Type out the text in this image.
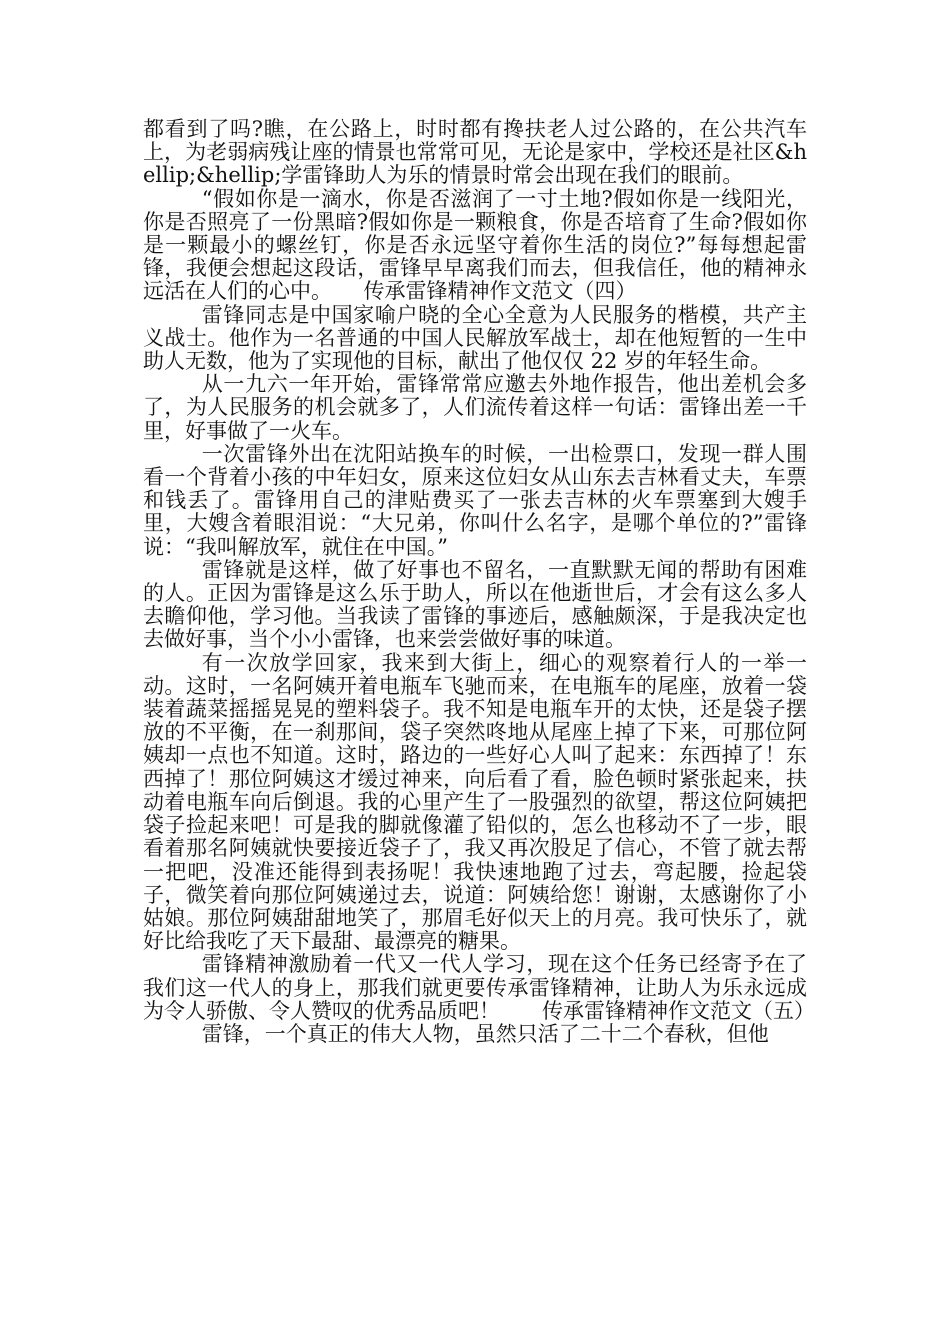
都看到了吗?瞧，在公路上，时时都有搀扶老人过公路的，在公共汽车上，为老弱病残让座的情景也常常可见，无论是家中，学校还是社区&hellip;&hellip;学雷锋助人为乐的情景时常会出现在我们的眼前。

“假如你是一滴水，你是否滋润了一寸土地?假如你是一线阳光，你是否照亮了一份黑暗?假如你是一颗粮食，你是否培育了生命?假如你是一颗最小的螺丝钉，你是否永远坚守着你生活的岗位?”每每想起雷锋，我便会想起这段话，雷锋早早离我们而去，但我信任，他的精神永远活在人们的心中。　　传承雷锋精神作文范文（四）

雷锋同志是中国家喻户晓的全心全意为人民服务的楷模，共产主义战士。他作为一名普通的中国人民解放军战士，却在他短暂的一生中助人无数，他为了实现他的目标，献出了他仅仅 22 岁的年轻生命。

从一九六一年开始，雷锋常常应邀去外地作报告，他出差机会多了，为人民服务的机会就多了，人们流传着这样一句话：雷锋出差一千里，好事做了一火车。

一次雷锋外出在沈阳站换车的时候，一出检票口，发现一群人围看一个背着小孩的中年妇女，原来这位妇女从山东去吉林看丈夫，车票和钱丢了。雷锋用自己的津贴费买了一张去吉林的火车票塞到大嫂手里，大嫂含着眼泪说：“大兄弟，你叫什么名字，是哪个单位的?”雷锋说：“我叫解放军，就住在中国。”

雷锋就是这样，做了好事也不留名，一直默默无闻的帮助有困难的人。正因为雷锋是这么乐于助人，所以在他逝世后，才会有这么多人去瞻仰他，学习他。当我读了雷锋的事迹后，感触颇深，于是我决定也去做好事，当个小小雷锋，也来尝尝做好事的味道。

有一次放学回家，我来到大街上，细心的观察着行人的一举一动。这时，一名阿姨开着电瓶车飞驰而来，在电瓶车的尾座，放着一袋装着蔬菜摇摇晃晃的塑料袋子。我不知是电瓶车开的太快，还是袋子摆放的不平衡，在一刹那间，袋子突然咚地从尾座上掉了下来，可那位阿姨却一点也不知道。这时，路边的一些好心人叫了起来：东西掉了！东西掉了！那位阿姨这才缓过神来，向后看了看，脸色顿时紧张起来，扶动着电瓶车向后倒退。我的心里产生了一股强烈的欲望，帮这位阿姨把袋子捡起来吧！可是我的脚就像灌了铅似的，怎么也移动不了一步，眼看着那名阿姨就快要接近袋子了，我又再次股足了信心，不管了就去帮一把吧，没准还能得到表扬呢！我快速地跑了过去，弯起腰，捡起袋子，微笑着向那位阿姨递过去，说道：阿姨给您！谢谢，太感谢你了小姑娘。那位阿姨甜甜地笑了，那眉毛好似天上的月亮。我可快乐了，就好比给我吃了天下最甜、最漂亮的糖果。

雷锋精神激励着一代又一代人学习，现在这个任务已经寄予在了我们这一代人的身上，那我们就更要传承雷锋精神，让助人为乐永远成为令人骄傲、令人赞叹的优秀品质吧！　　传承雷锋精神作文范文（五）

雷锋，一个真正的伟大人物，虽然只活了二十二个春秋，但他
